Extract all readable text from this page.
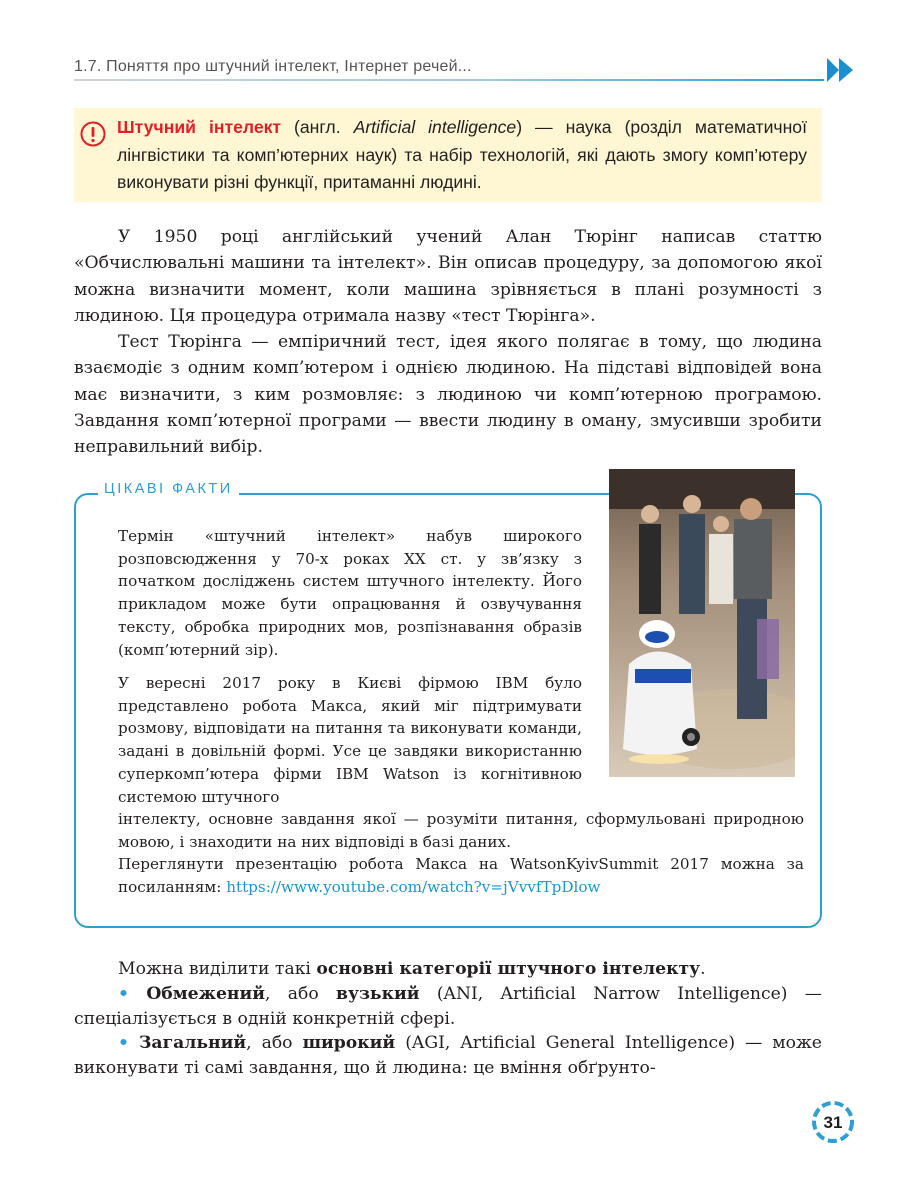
1.7. Поняття про штучний інтелект, Інтернет речей...
Штучний інтелект (англ. Artificial intelligence) — наука (розділ математичної лінгвістики та комп’ютерних наук) та набір технологій, які дають змогу комп’ютеру виконувати різні функції, притаманні людині.
У 1950 році англійський учений Алан Тюрінг написав статтю «Обчислювальні машини та інтелект». Він описав процедуру, за допомогою якої можна визначити момент, коли машина зрівняється в плані розумності з людиною. Ця процедура отримала назву «тест Тюрінга».
Тест Тюрінга — емпіричний тест, ідея якого полягає в тому, що людина взаємодіє з одним комп’ютером і однією людиною. На підставі відповідей вона має визначити, з ким розмовляє: з людиною чи комп’ютерною програмою. Завдання комп’ютерної програми — ввести людину в оману, змусивши зробити неправильний вибір.
ЦІКАВІ ФАКТИ
Термін «штучний інтелект» набув широкого розповсюдження у 70-х роках XX ст. у зв’язку з початком досліджень систем штучного інтелекту. Його прикладом може бути опрацювання й озвучування тексту, обробка природних мов, розпізнавання образів (комп’ютерний зір).
У вересні 2017 року в Києві фірмою IBM було представлено робота Макса, який міг підтримувати розмову, відповідати на питання та виконувати команди, задані в довільній формі. Усе це завдяки використанню суперкомп’ютера фірми IBM Watson із когнітивною системою штучного
інтелекту, основне завдання якої — розуміти питання, сформульовані природною мовою, і знаходити на них відповіді в базі даних.
Переглянути презентацію робота Макса на WatsonKyivSummit 2017 можна за посиланням: https://www.youtube.com/watch?v=jVvvfTpDlow
Можна виділити такі основні категорії штучного інтелекту.
• Обмежений, або вузький (ANI, Artificial Narrow Intelligence) — спеціалізується в одній конкретній сфері.
• Загальний, або широкий (AGI, Artificial General Intelligence) — може виконувати ті самі завдання, що й людина: це вміння обґрунто-
31
